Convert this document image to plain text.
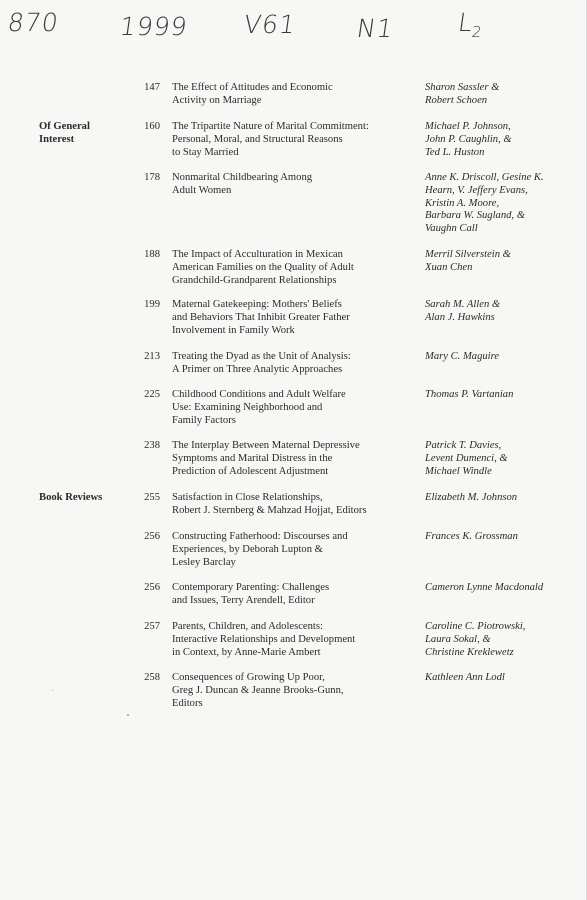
870 1999 V61 N1 $L_2$
Of General
Interest
Book Reviews
147 The Effect of Attitudes and Economic
Activity on Marriage
Sharon Sassler &
Robert Schoen
160 The Tripartite Nature of Marital Commitment:
Personal, Moral, and Structural Reasons
to Stay Married
Michael P. Johnson,
John P. Caughlin, &
Ted L. Huston
178 Nonmarital Childbearing Among
Adult Women
Anne K. Driscoll, Gesine K.
Hearn, V. Jeffery Evans,
Kristin A. Moore,
Barbara W. Sugland, &
Vaughn Call
188 The Impact of Acculturation in Mexican
American Families on the Quality of Adult
Grandchild-Grandparent Relationships
Merril Silverstein &
Xuan Chen
199 Maternal Gatekeeping: Mothers' Beliefs
and Behaviors That Inhibit Greater Father
Involvement in Family Work
Sarah M. Allen &
Alan J. Hawkins
213 Treating the Dyad as the Unit of Analysis:
A Primer on Three Analytic Approaches
Mary C. Maguire
225 Childhood Conditions and Adult Welfare
Use: Examining Neighborhood and
Family Factors
Thomas P. Vartanian
238 The Interplay Between Maternal Depressive
Symptoms and Marital Distress in the
Prediction of Adolescent Adjustment
Patrick T. Davies,
Levent Dumenci, &
Michael Windle
255 Satisfaction in Close Relationships,
Robert J. Sternberg & Mahzad Hojjat, Editors
Elizabeth M. Johnson
256 Constructing Fatherhood: Discourses and
Experiences, by Deborah Lupton &
Lesley Barclay
Frances K. Grossman
256 Contemporary Parenting: Challenges
and Issues, Terry Arendell, Editor
Cameron Lynne Macdonald
257 Parents, Children, and Adolescents:
Interactive Relationships and Development
in Context, by Anne-Marie Ambert
Caroline C. Piotrowski,
Laura Sokal, &
Christine Kreklewetz
258 Consequences of Growing Up Poor,
Greg J. Duncan & Jeanne Brooks-Gunn,
Editors
Kathleen Ann Lodl
